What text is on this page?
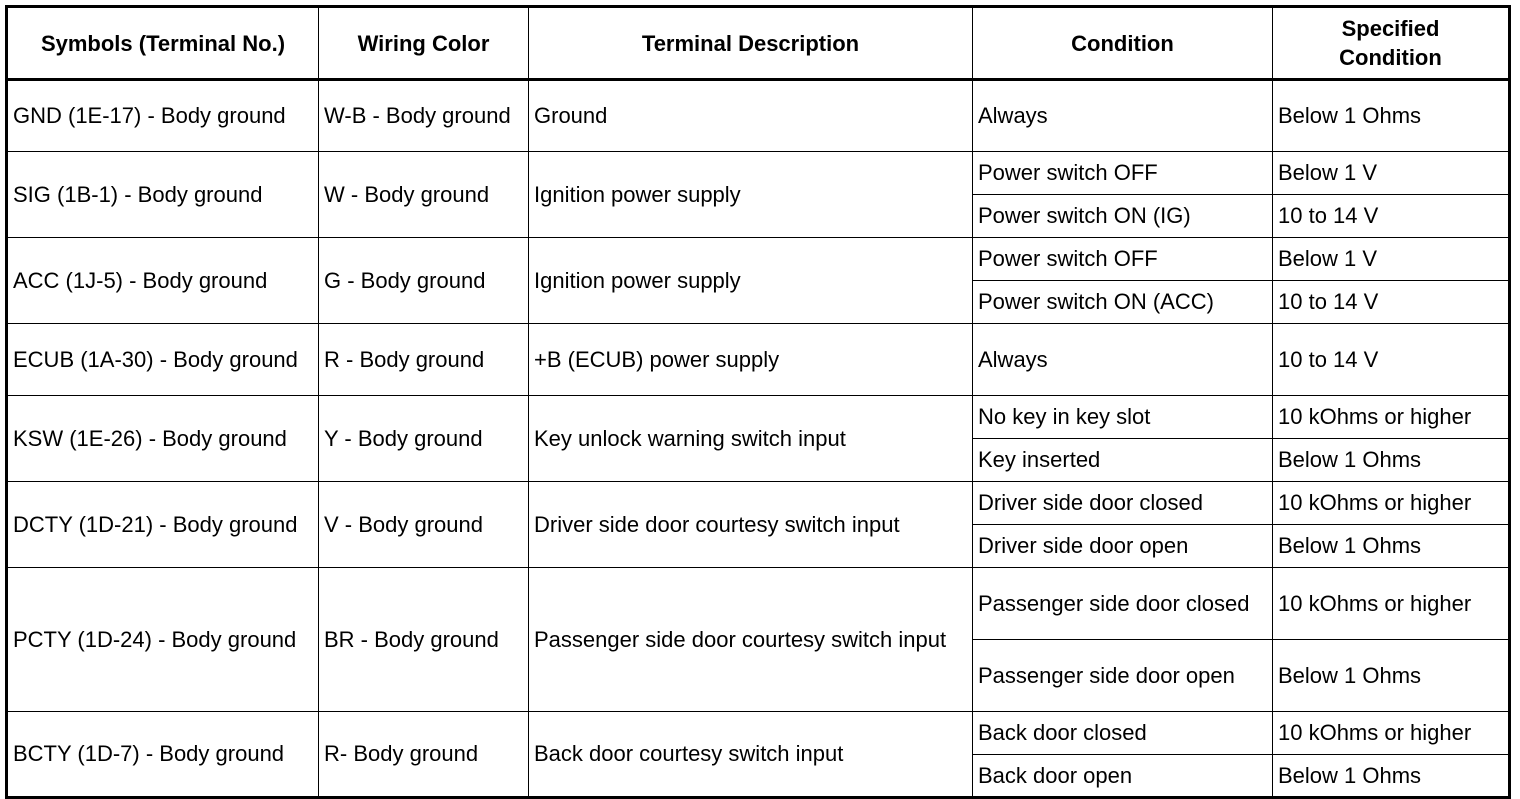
Symbols (Terminal No.)	Wiring Color	Terminal Description	Condition	Specified Condition
GND (1E-17) - Body ground	W-B - Body ground	Ground	Always	Below 1 Ohms
SIG (1B-1) - Body ground	W - Body ground	Ignition power supply	Power switch OFF	Below 1 V
			Power switch ON (IG)	10 to 14 V
ACC (1J-5) - Body ground	G - Body ground	Ignition power supply	Power switch OFF	Below 1 V
			Power switch ON (ACC)	10 to 14 V
ECUB (1A-30) - Body ground	R - Body ground	+B (ECUB) power supply	Always	10 to 14 V
KSW (1E-26) - Body ground	Y - Body ground	Key unlock warning switch input	No key in key slot	10 kOhms or higher
			Key inserted	Below 1 Ohms
DCTY (1D-21) - Body ground	V - Body ground	Driver side door courtesy switch input	Driver side door closed	10 kOhms or higher
			Driver side door open	Below 1 Ohms
PCTY (1D-24) - Body ground	BR - Body ground	Passenger side door courtesy switch input	Passenger side door closed	10 kOhms or higher
			Passenger side door open	Below 1 Ohms
BCTY (1D-7) - Body ground	R- Body ground	Back door courtesy switch input	Back door closed	10 kOhms or higher
			Back door open	Below 1 Ohms
